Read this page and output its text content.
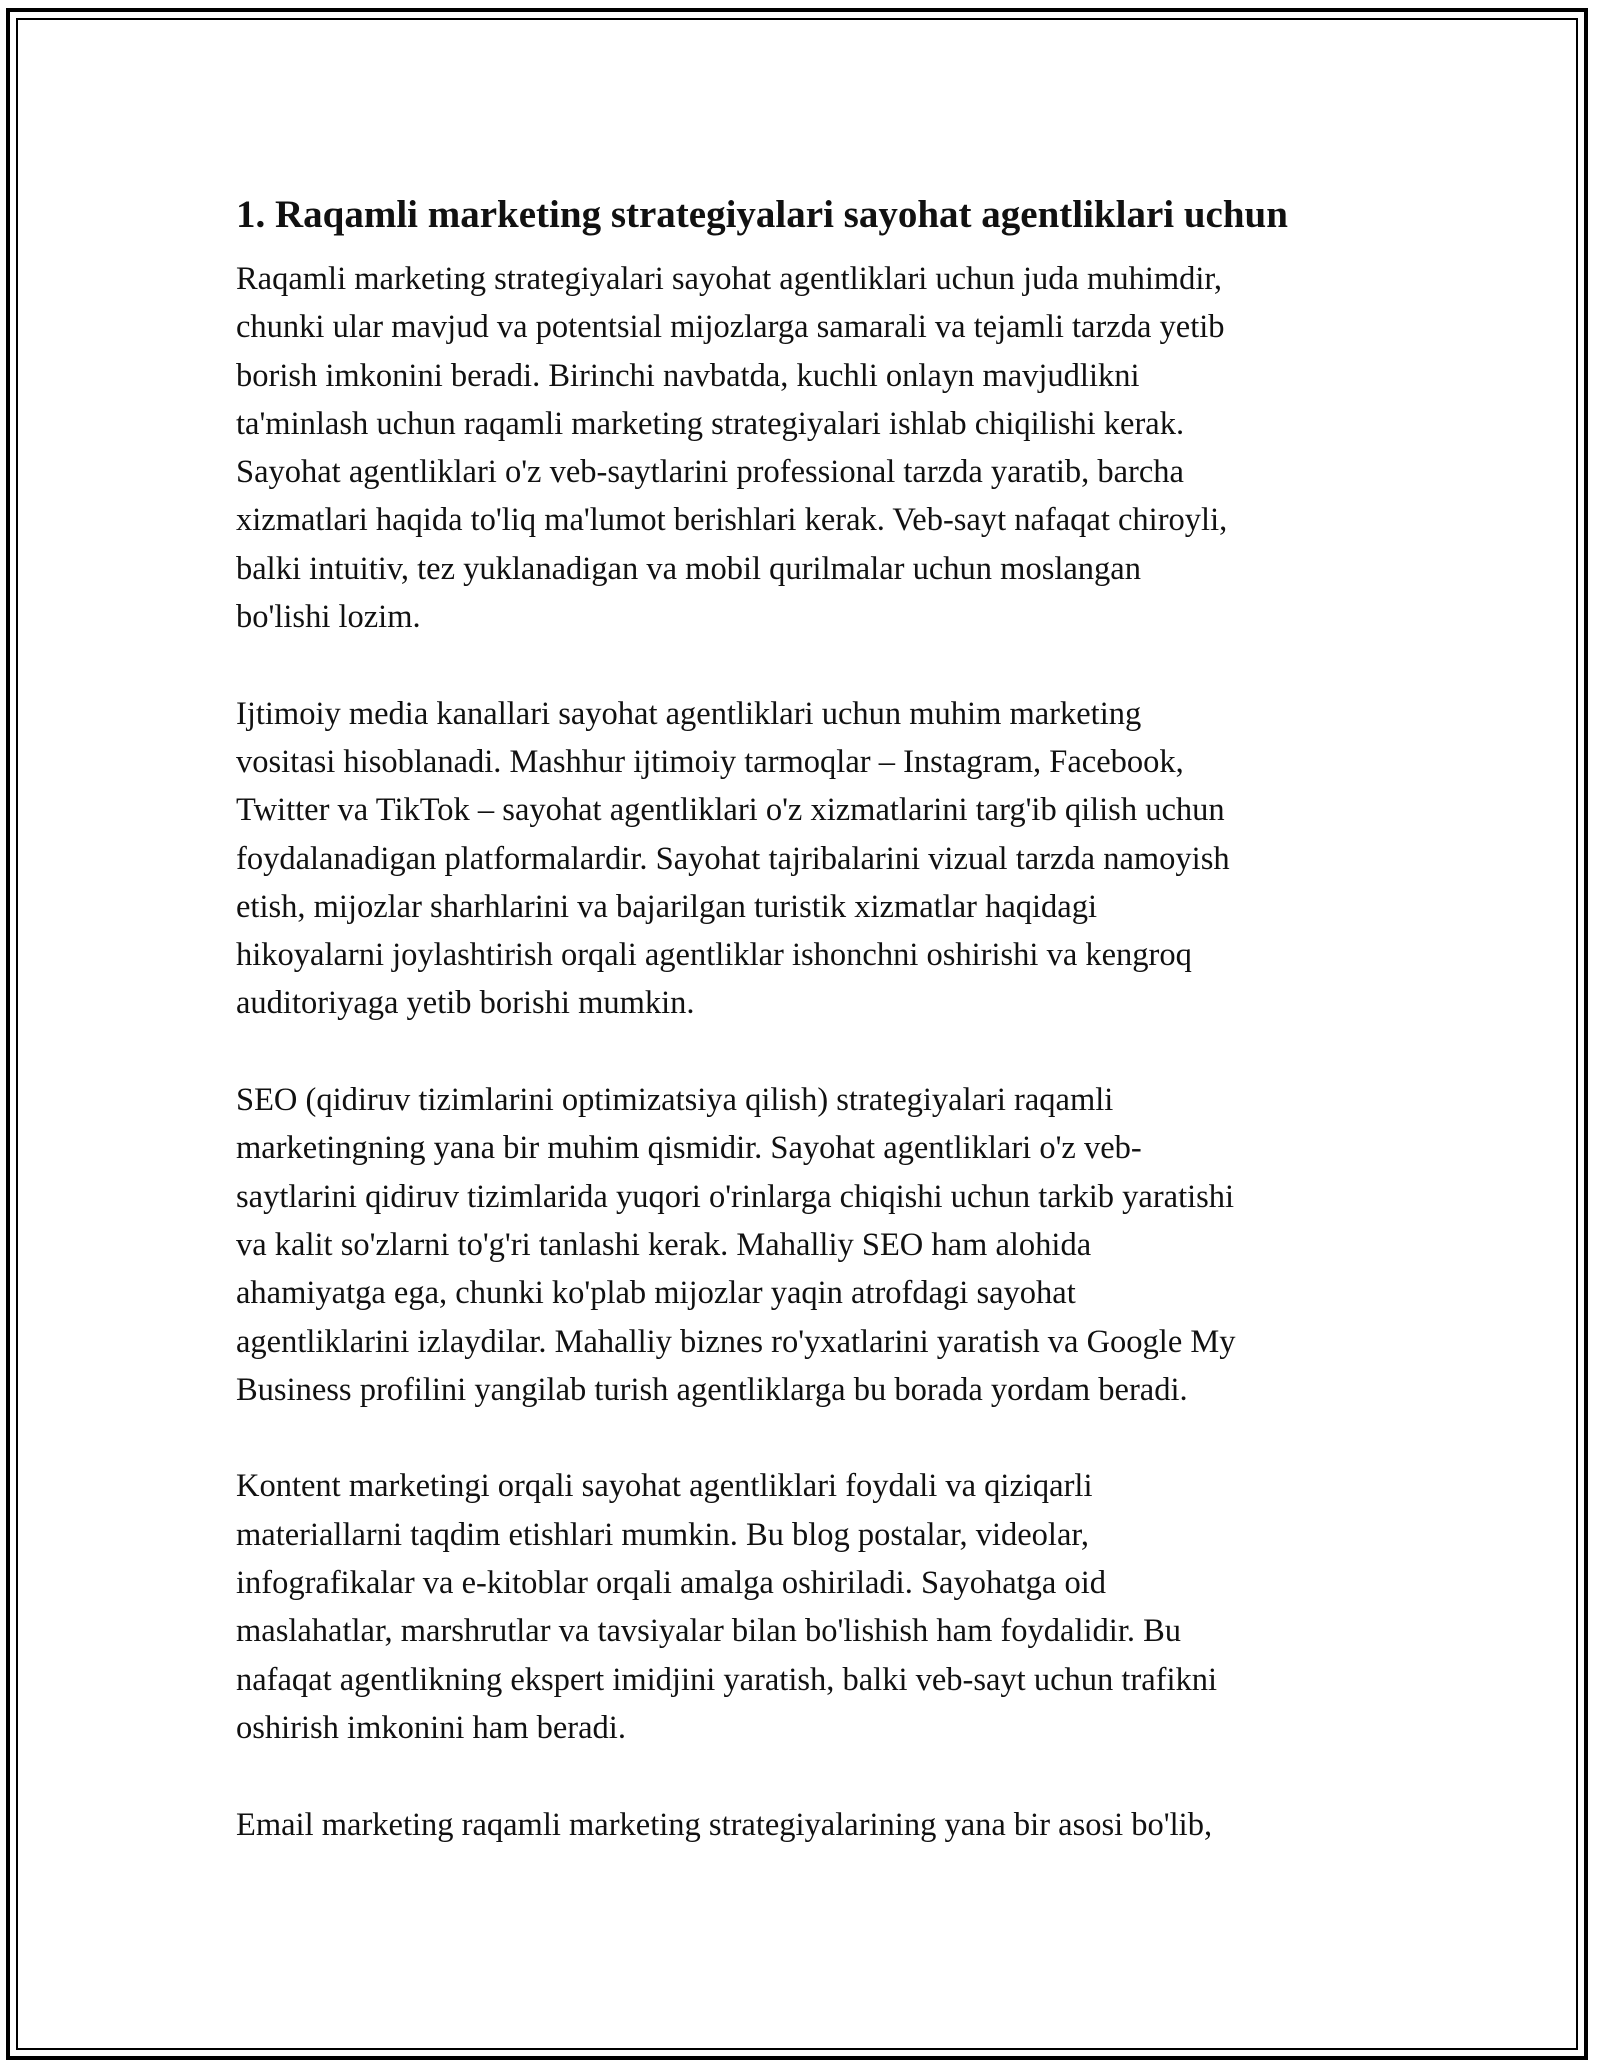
1. Raqamli marketing strategiyalari sayohat agentliklari uchun

Raqamli marketing strategiyalari sayohat agentliklari uchun juda muhimdir,
chunki ular mavjud va potentsial mijozlarga samarali va tejamli tarzda yetib
borish imkonini beradi. Birinchi navbatda, kuchli onlayn mavjudlikni
ta'minlash uchun raqamli marketing strategiyalari ishlab chiqilishi kerak.
Sayohat agentliklari o'z veb-saytlarini professional tarzda yaratib, barcha
xizmatlari haqida to'liq ma'lumot berishlari kerak. Veb-sayt nafaqat chiroyli,
balki intuitiv, tez yuklanadigan va mobil qurilmalar uchun moslangan
bo'lishi lozim.

Ijtimoiy media kanallari sayohat agentliklari uchun muhim marketing
vositasi hisoblanadi. Mashhur ijtimoiy tarmoqlar – Instagram, Facebook,
Twitter va TikTok – sayohat agentliklari o'z xizmatlarini targ'ib qilish uchun
foydalanadigan platformalardir. Sayohat tajribalarini vizual tarzda namoyish
etish, mijozlar sharhlarini va bajarilgan turistik xizmatlar haqidagi
hikoyalarni joylashtirish orqali agentliklar ishonchni oshirishi va kengroq
auditoriyaga yetib borishi mumkin.

SEO (qidiruv tizimlarini optimizatsiya qilish) strategiyalari raqamli
marketingning yana bir muhim qismidir. Sayohat agentliklari o'z veb-
saytlarini qidiruv tizimlarida yuqori o'rinlarga chiqishi uchun tarkib yaratishi
va kalit so'zlarni to'g'ri tanlashi kerak. Mahalliy SEO ham alohida
ahamiyatga ega, chunki ko'plab mijozlar yaqin atrofdagi sayohat
agentliklarini izlaydilar. Mahalliy biznes ro'yxatlarini yaratish va Google My
Business profilini yangilab turish agentliklarga bu borada yordam beradi.

Kontent marketingi orqali sayohat agentliklari foydali va qiziqarli
materiallarni taqdim etishlari mumkin. Bu blog postalar, videolar,
infografikalar va e-kitoblar orqali amalga oshiriladi. Sayohatga oid
maslahatlar, marshrutlar va tavsiyalar bilan bo'lishish ham foydalidir. Bu
nafaqat agentlikning ekspert imidjini yaratish, balki veb-sayt uchun trafikni
oshirish imkonini ham beradi.

Email marketing raqamli marketing strategiyalarining yana bir asosi bo'lib,
